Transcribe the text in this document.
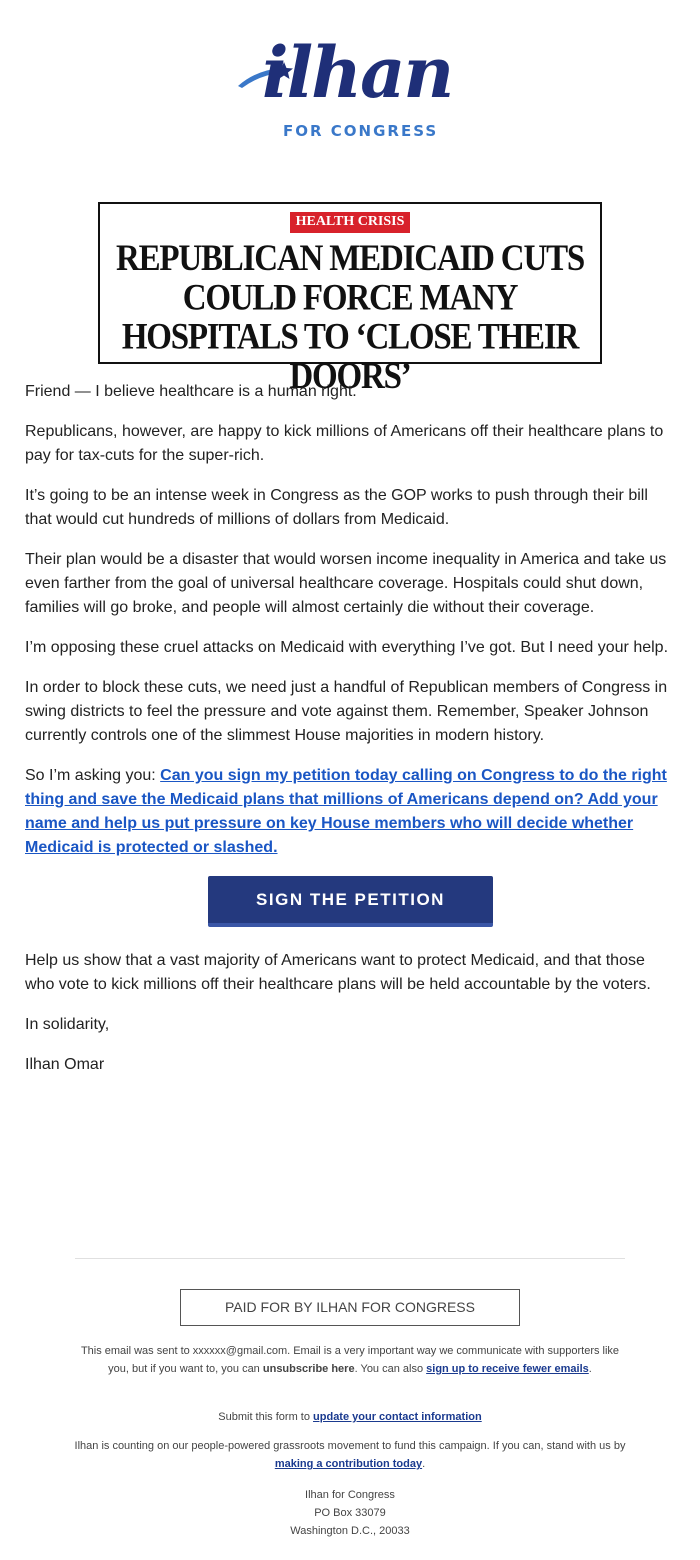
ilhan
FOR CONGRESS
HEALTH CRISIS
REPUBLICAN MEDICAID CUTS COULD FORCE MANY HOSPITALS TO ‘CLOSE THEIR DOORS’

Friend — I believe healthcare is a human right.

Republicans, however, are happy to kick millions of Americans off their healthcare plans to pay for tax-cuts for the super-rich.

It’s going to be an intense week in Congress as the GOP works to push through their bill that would cut hundreds of millions of dollars from Medicaid.

Their plan would be a disaster that would worsen income inequality in America and take us even farther from the goal of universal healthcare coverage. Hospitals could shut down, families will go broke, and people will almost certainly die without their coverage.

I’m opposing these cruel attacks on Medicaid with everything I’ve got. But I need your help.

In order to block these cuts, we need just a handful of Republican members of Congress in swing districts to feel the pressure and vote against them. Remember, Speaker Johnson currently controls one of the slimmest House majorities in modern history.

So I’m asking you: Can you sign my petition today calling on Congress to do the right thing and save the Medicaid plans that millions of Americans depend on? Add your name and help us put pressure on key House members who will decide whether Medicaid is protected or slashed.

SIGN THE PETITION

Help us show that a vast majority of Americans want to protect Medicaid, and that those who vote to kick millions off their healthcare plans will be held accountable by the voters.

In solidarity,

Ilhan Omar

PAID FOR BY ILHAN FOR CONGRESS
This email was sent to xxxxxx@gmail.com. Email is a very important way we communicate with supporters like you, but if you want to, you can unsubscribe here. You can also sign up to receive fewer emails.
Submit this form to update your contact information
Ilhan is counting on our people-powered grassroots movement to fund this campaign. If you can, stand with us by making a contribution today.
Ilhan for Congress
PO Box 33079
Washington D.C., 20033
